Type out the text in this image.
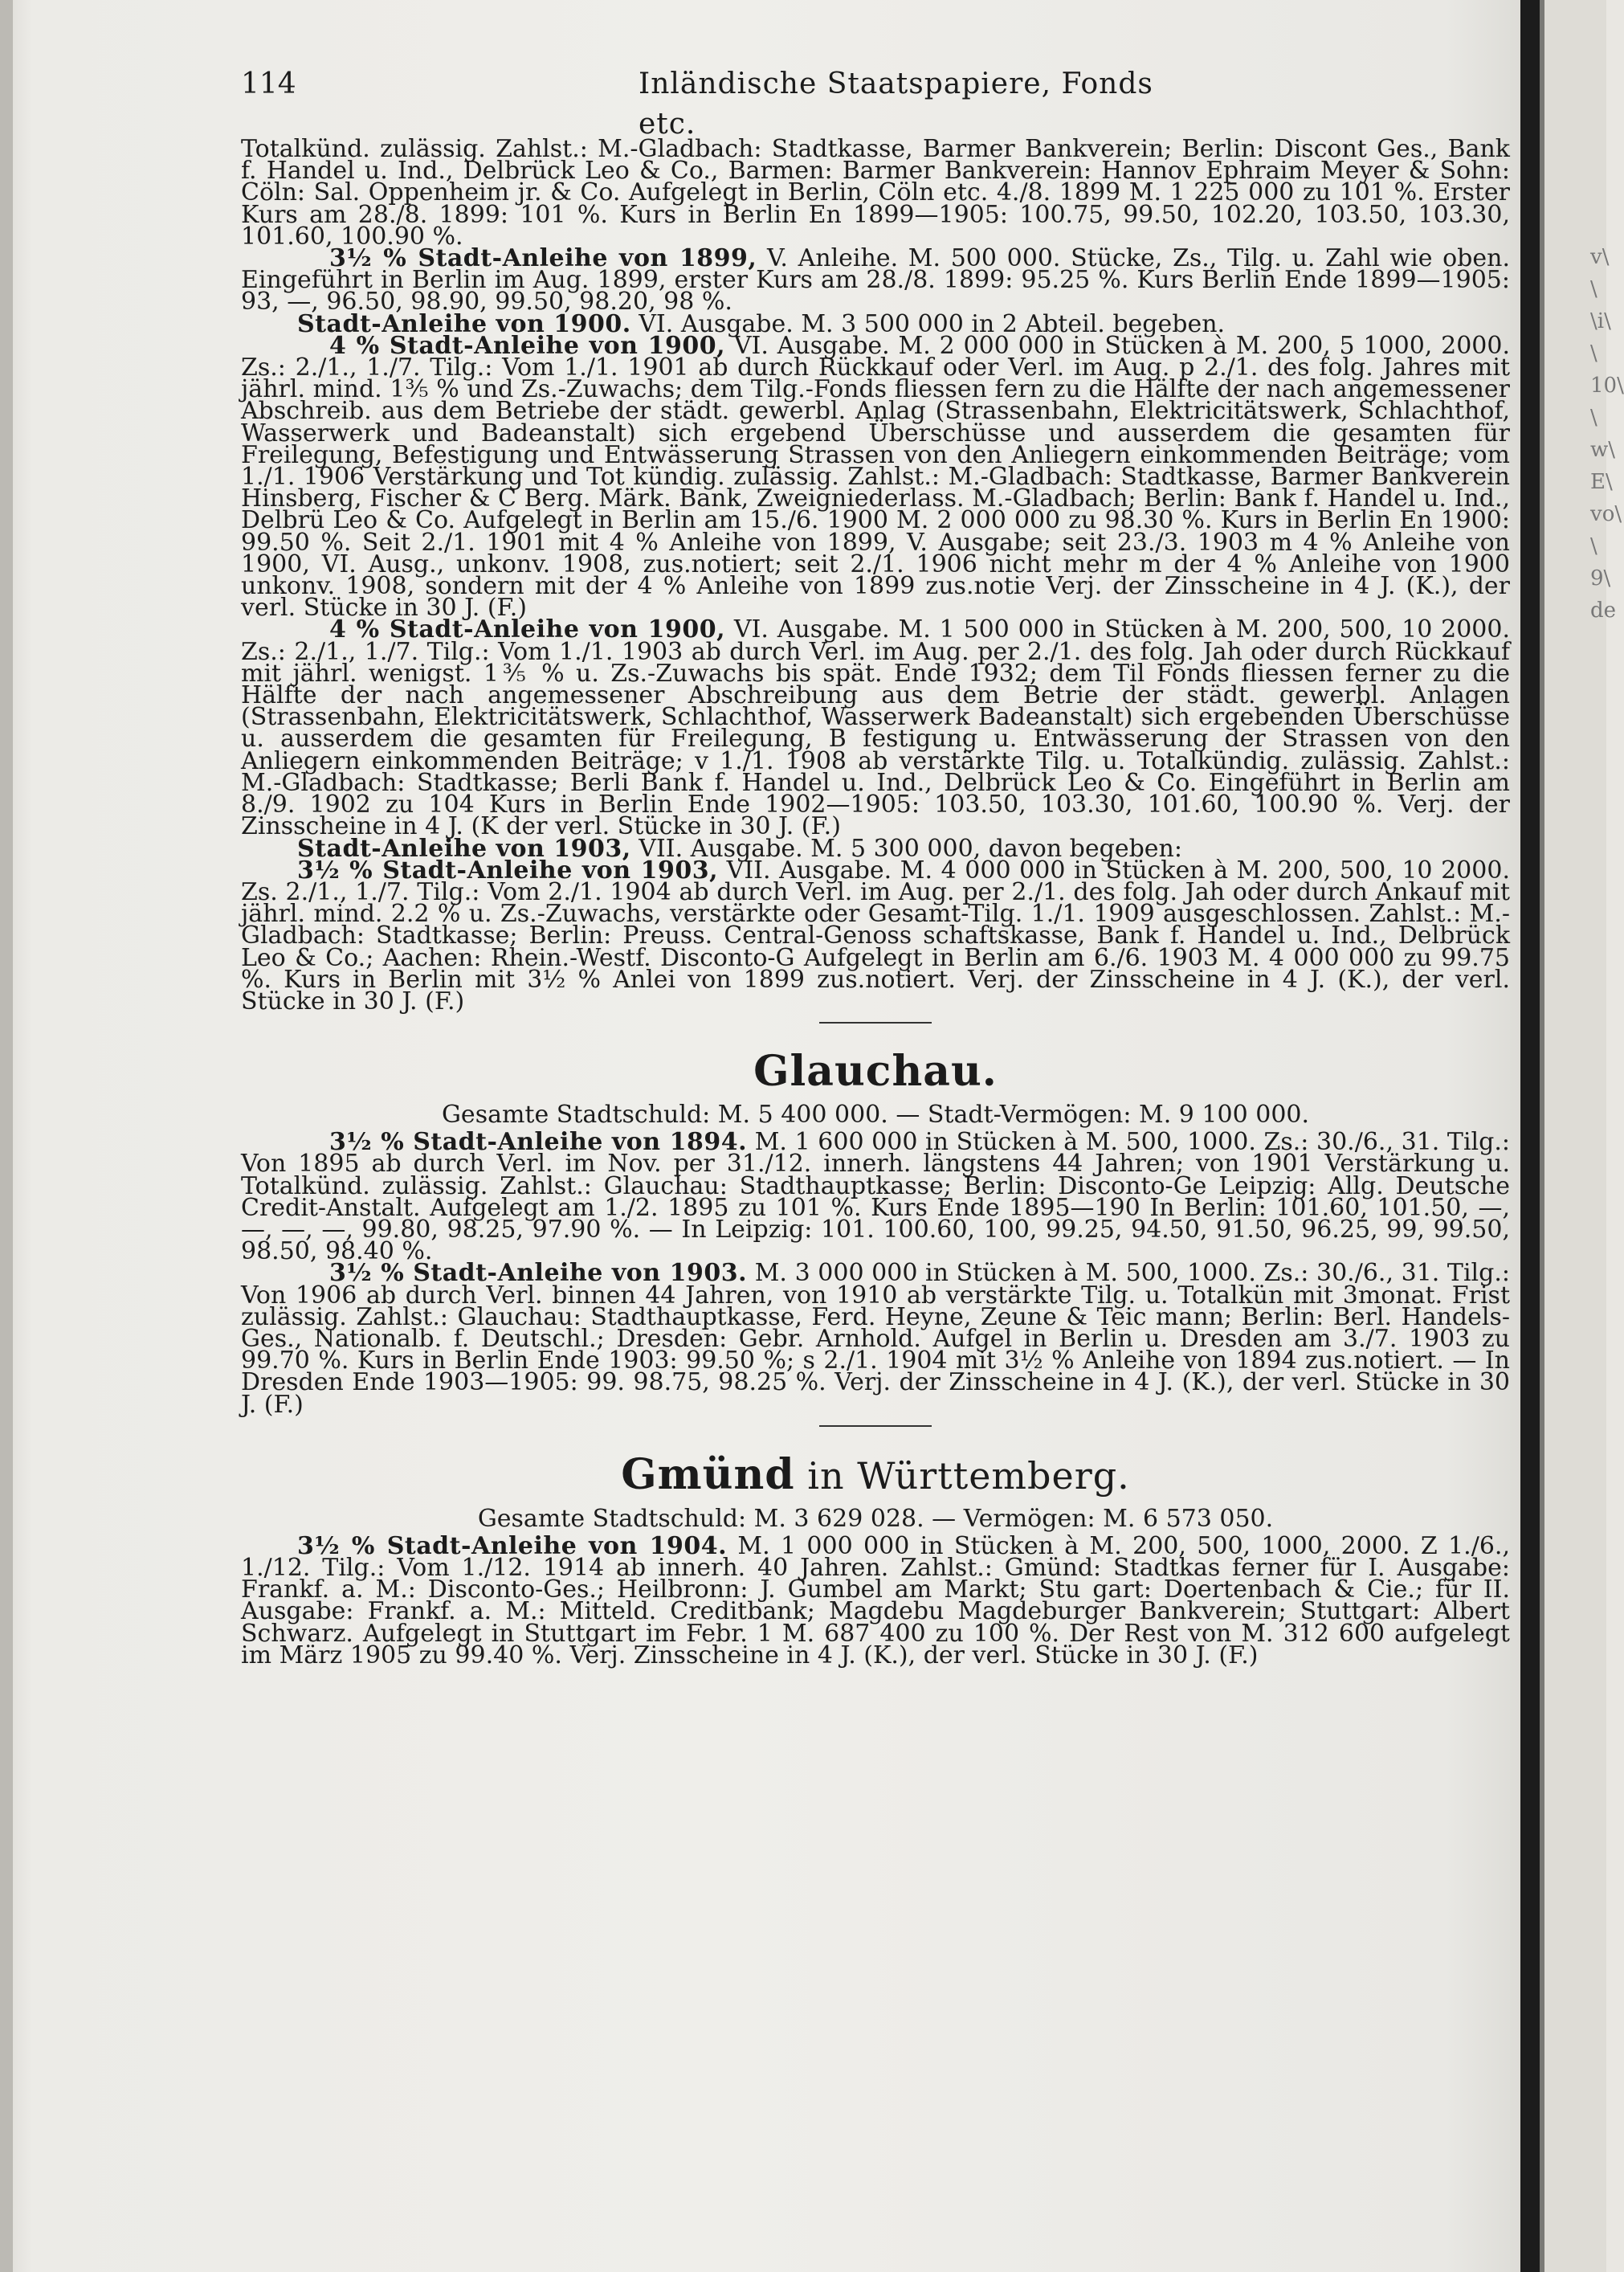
114	Inländische Staatspapiere, Fonds etc.

Totalkünd. zulässig. Zahlst.: M.-Gladbach: Stadtkasse, Barmer Bankverein; Berlin: Discont Ges., Bank f. Handel u. Ind., Delbrück Leo & Co., Barmen: Barmer Bankverein: Hannov Ephraim Meyer & Sohn: Cöln: Sal. Oppenheim jr. & Co. Aufgelegt in Berlin, Cöln etc. 4./8. 1899 M. 1 225 000 zu 101 %. Erster Kurs am 28./8. 1899: 101 %. Kurs in Berlin En 1899—1905: 100.75, 99.50, 102.20, 103.50, 103.30, 101.60, 100.90 %.

3½ % Stadt-Anleihe von 1899, V. Anleihe. M. 500 000. Stücke, Zs., Tilg. u. Zahl wie oben. Eingeführt in Berlin im Aug. 1899, erster Kurs am 28./8. 1899: 95.25 %. Kurs Berlin Ende 1899—1905: 93, —, 96.50, 98.90, 99.50, 98.20, 98 %.

Stadt-Anleihe von 1900. VI. Ausgabe. M. 3 500 000 in 2 Abteil. begeben.

4 % Stadt-Anleihe von 1900, VI. Ausgabe. M. 2 000 000 in Stücken à M. 200, 5 1000, 2000. Zs.: 2./1., 1./7. Tilg.: Vom 1./1. 1901 ab durch Rückkauf oder Verl. im Aug. p 2./1. des folg. Jahres mit jährl. mind. 1⅗ % und Zs.-Zuwachs; dem Tilg.-Fonds fliessen fern zu die Hälfte der nach angemessener Abschreib. aus dem Betriebe der städt. gewerbl. Anlag (Strassenbahn, Elektricitätswerk, Schlachthof, Wasserwerk und Badeanstalt) sich ergebend Überschüsse und ausserdem die gesamten für Freilegung, Befestigung und Entwässerung Strassen von den Anliegern einkommenden Beiträge; vom 1./1. 1906 Verstärkung und Tot kündig. zulässig. Zahlst.: M.-Gladbach: Stadtkasse, Barmer Bankverein Hinsberg, Fischer & C Berg. Märk. Bank, Zweigniederlass. M.-Gladbach; Berlin: Bank f. Handel u. Ind., Delbrü Leo & Co. Aufgelegt in Berlin am 15./6. 1900 M. 2 000 000 zu 98.30 %. Kurs in Berlin En 1900: 99.50 %. Seit 2./1. 1901 mit 4 % Anleihe von 1899, V. Ausgabe; seit 23./3. 1903 m 4 % Anleihe von 1900, VI. Ausg., unkonv. 1908, zus.notiert; seit 2./1. 1906 nicht mehr m der 4 % Anleihe von 1900 unkonv. 1908, sondern mit der 4 % Anleihe von 1899 zus.notie Verj. der Zinsscheine in 4 J. (K.), der verl. Stücke in 30 J. (F.)

4 % Stadt-Anleihe von 1900, VI. Ausgabe. M. 1 500 000 in Stücken à M. 200, 500, 10 2000. Zs.: 2./1., 1./7. Tilg.: Vom 1./1. 1903 ab durch Verl. im Aug. per 2./1. des folg. Jah oder durch Rückkauf mit jährl. wenigst. 1⅗ % u. Zs.-Zuwachs bis spät. Ende 1932; dem Til Fonds fliessen ferner zu die Hälfte der nach angemessener Abschreibung aus dem Betrie der städt. gewerbl. Anlagen (Strassenbahn, Elektricitätswerk, Schlachthof, Wasserwerk Badeanstalt) sich ergebenden Überschüsse u. ausserdem die gesamten für Freilegung, B festigung u. Entwässerung der Strassen von den Anliegern einkommenden Beiträge; v 1./1. 1908 ab verstärkte Tilg. u. Totalkündig. zulässig. Zahlst.: M.-Gladbach: Stadtkasse; Berli Bank f. Handel u. Ind., Delbrück Leo & Co. Eingeführt in Berlin am 8./9. 1902 zu 104 Kurs in Berlin Ende 1902—1905: 103.50, 103.30, 101.60, 100.90 %. Verj. der Zinsscheine in 4 J. (K der verl. Stücke in 30 J. (F.)

Stadt-Anleihe von 1903, VII. Ausgabe. M. 5 300 000, davon begeben:

3½ % Stadt-Anleihe von 1903, VII. Ausgabe. M. 4 000 000 in Stücken à M. 200, 500, 10 2000. Zs. 2./1., 1./7. Tilg.: Vom 2./1. 1904 ab durch Verl. im Aug. per 2./1. des folg. Jah oder durch Ankauf mit jährl. mind. 2.2 % u. Zs.-Zuwachs, verstärkte oder Gesamt-Tilg. 1./1. 1909 ausgeschlossen. Zahlst.: M.-Gladbach: Stadtkasse; Berlin: Preuss. Central-Genoss schaftskasse, Bank f. Handel u. Ind., Delbrück Leo & Co.; Aachen: Rhein.-Westf. Disconto-G Aufgelegt in Berlin am 6./6. 1903 M. 4 000 000 zu 99.75 %. Kurs in Berlin mit 3½ % Anlei von 1899 zus.notiert. Verj. der Zinsscheine in 4 J. (K.), der verl. Stücke in 30 J. (F.)

Glauchau.
Gesamte Stadtschuld: M. 5 400 000. — Stadt-Vermögen: M. 9 100 000.

3½ % Stadt-Anleihe von 1894. M. 1 600 000 in Stücken à M. 500, 1000. Zs.: 30./6., 31. Tilg.: Von 1895 ab durch Verl. im Nov. per 31./12. innerh. längstens 44 Jahren; von 1901 Verstärkung u. Totalkünd. zulässig. Zahlst.: Glauchau: Stadthauptkasse; Berlin: Disconto-Ge Leipzig: Allg. Deutsche Credit-Anstalt. Aufgelegt am 1./2. 1895 zu 101 %. Kurs Ende 1895—190 In Berlin: 101.60, 101.50, —, —, —, —, 99.80, 98.25, 97.90 %. — In Leipzig: 101. 100.60, 100, 99.25, 94.50, 91.50, 96.25, 99, 99.50, 98.50, 98.40 %.

3½ % Stadt-Anleihe von 1903. M. 3 000 000 in Stücken à M. 500, 1000. Zs.: 30./6., 31. Tilg.: Von 1906 ab durch Verl. binnen 44 Jahren, von 1910 ab verstärkte Tilg. u. Totalkün mit 3monat. Frist zulässig. Zahlst.: Glauchau: Stadthauptkasse, Ferd. Heyne, Zeune & Teic mann; Berlin: Berl. Handels-Ges., Nationalb. f. Deutschl.; Dresden: Gebr. Arnhold. Aufgel in Berlin u. Dresden am 3./7. 1903 zu 99.70 %. Kurs in Berlin Ende 1903: 99.50 %; s 2./1. 1904 mit 3½ % Anleihe von 1894 zus.notiert. — In Dresden Ende 1903—1905: 99. 98.75, 98.25 %. Verj. der Zinsscheine in 4 J. (K.), der verl. Stücke in 30 J. (F.)

Gmünd in Württemberg.
Gesamte Stadtschuld: M. 3 629 028. — Vermögen: M. 6 573 050.

3½ % Stadt-Anleihe von 1904. M. 1 000 000 in Stücken à M. 200, 500, 1000, 2000. Z 1./6., 1./12. Tilg.: Vom 1./12. 1914 ab innerh. 40 Jahren. Zahlst.: Gmünd: Stadtkas ferner für I. Ausgabe: Frankf. a. M.: Disconto-Ges.; Heilbronn: J. Gumbel am Markt; Stu gart: Doertenbach & Cie.; für II. Ausgabe: Frankf. a. M.: Mitteld. Creditbank; Magdebu Magdeburger Bankverein; Stuttgart: Albert Schwarz. Aufgelegt in Stuttgart im Febr. 1 M. 687 400 zu 100 %. Der Rest von M. 312 600 aufgelegt im März 1905 zu 99.40 %. Verj. Zinsscheine in 4 J. (K.), der verl. Stücke in 30 J. (F.)

v\ \ \i\ \ 10\ \ w\ E\ vo\ \ 9\ de
